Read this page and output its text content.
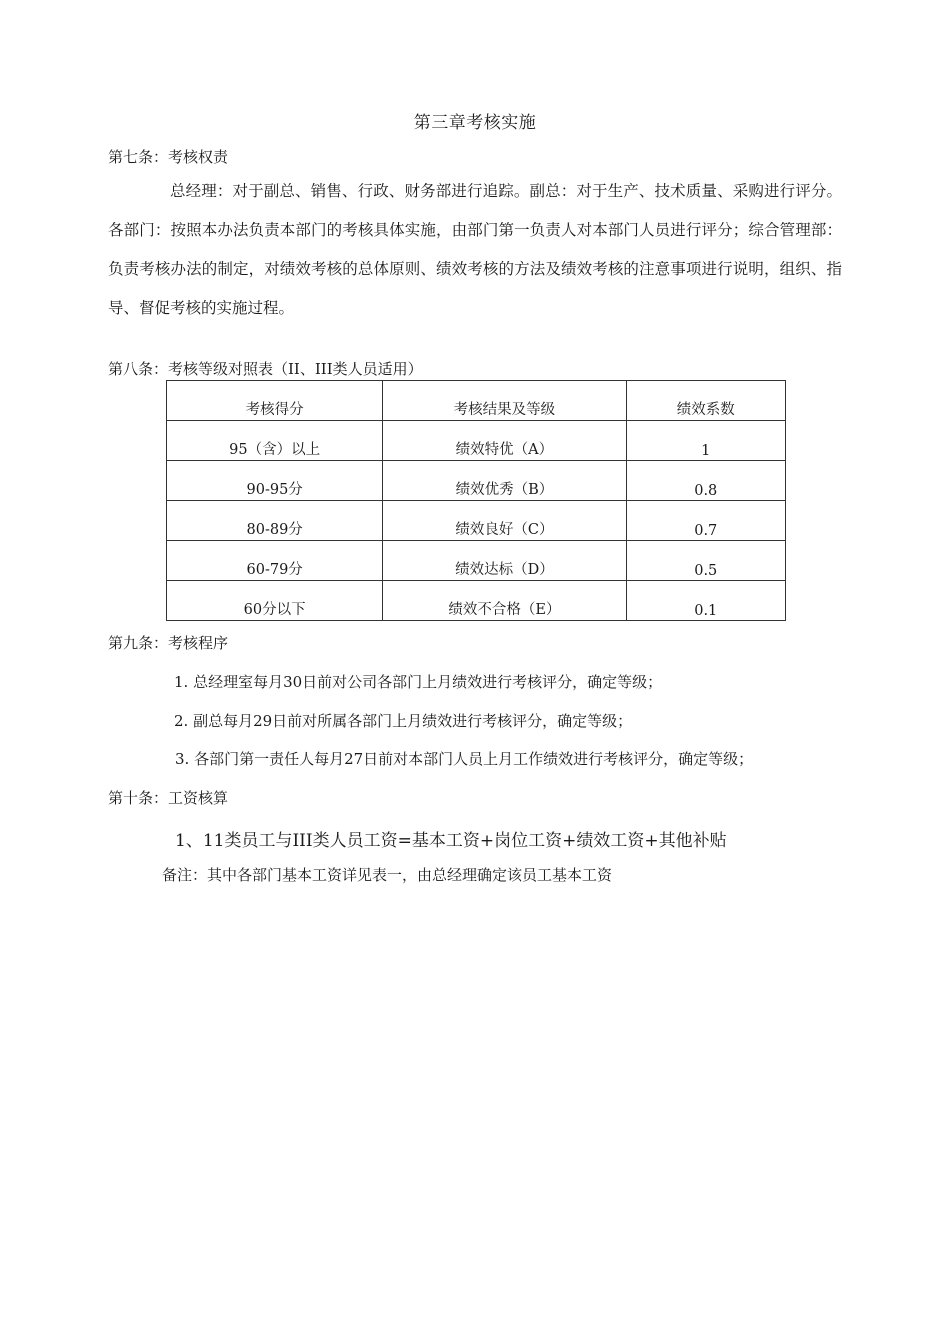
第三章考核实施
第七条：考核权责
总经理：对于副总、销售、行政、财务部进行追踪。副总：对于生产、技术质量、采购进行评分。各部门：按照本办法负责本部门的考核具体实施，由部门第一负责人对本部门人员进行评分；综合管理部：负责考核办法的制定，对绩效考核的总体原则、绩效考核的方法及绩效考核的注意事项进行说明，组织、指导、督促考核的实施过程。
第八条：考核等级对照表（II、III类人员适用）
考核得分	考核结果及等级	绩效系数
95（含）以上	绩效特优（A）	1
90-95分	绩效优秀（B）	0.8
80-89分	绩效良好（C）	0.7
60-79分	绩效达标（D）	0.5
60分以下	绩效不合格（E）	0.1
第九条：考核程序
1. 总经理室每月30日前对公司各部门上月绩效进行考核评分，确定等级；
2. 副总每月29日前对所属各部门上月绩效进行考核评分，确定等级；
3. 各部门第一责任人每月27日前对本部门人员上月工作绩效进行考核评分，确定等级；
第十条：工资核算
1、11类员工与III类人员工资=基本工资+岗位工资+绩效工资+其他补贴
备注：其中各部门基本工资详见表一，由总经理确定该员工基本工资
